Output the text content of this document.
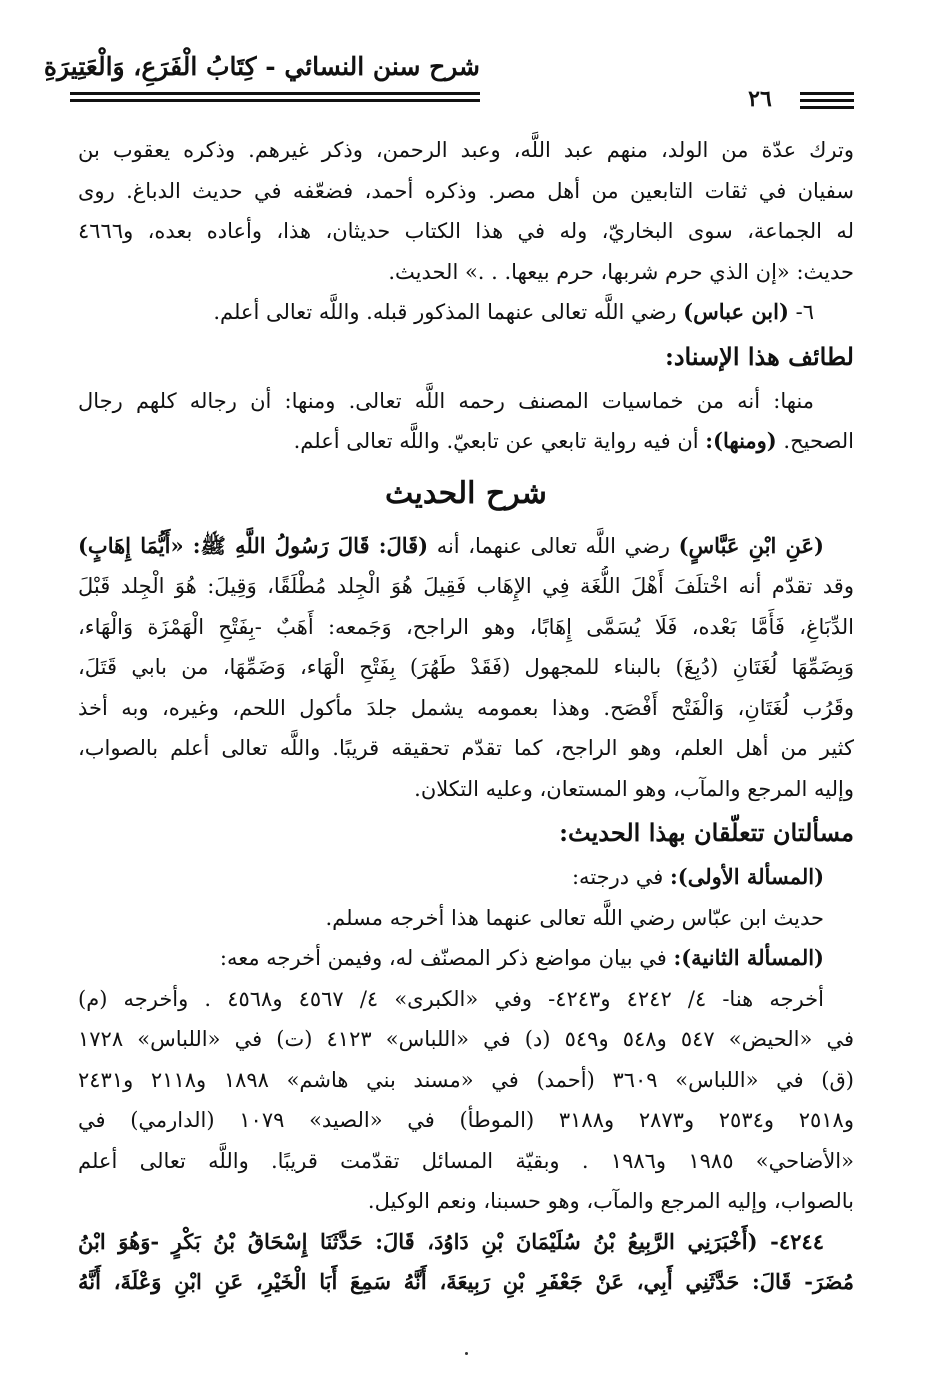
شرح سنن النسائي - كِتَابُ الْفَرَعِ، وَالْعَتِيرَةِ
٢٦
وترك عدّة من الولد، منهم عبد اللَّه، وعبد الرحمن، وذكر غيرهم. وذكره يعقوب بن
سفيان في ثقات التابعين من أهل مصر. وذكره أحمد، فضعّفه في حديث الدباغ. روى
له الجماعة، سوى البخاريّ، وله في هذا الكتاب حديثان، هذا، وأعاده بعده، و٤٦٦٦
حديث: «إن الذي حرم شربها، حرم بيعها. . .» الحديث.
٦- (ابن عباس) رضي اللَّه تعالى عنهما المذكور قبله. واللَّه تعالى أعلم.
لطائف هذا الإسناد:
منها: أنه من خماسيات المصنف رحمه اللَّه تعالى. ومنها: أن رجاله كلهم رجال
الصحيح. (ومنها): أن فيه رواية تابعي عن تابعيّ. واللَّه تعالى أعلم.
شرح الحديث
(عَنِ ابْنِ عَبَّاسٍ) رضي اللَّه تعالى عنهما، أنه (قَالَ: قَالَ رَسُولُ اللَّهِ ﷺ: «أَيُّمَا إِهَابٍ)
وقد تقدّم أنه اخْتلَفَ أَهْلَ اللُّغَة فِي الإِهَاب فَقِيلَ هُوَ الْجِلد مُطْلَقًا، وَقِيلَ: هُوَ الْجِلد قَبْلَ
الدِّبَاغِ، فَأَمَّا بَعْده، فَلَا يُسَمَّى إِهَابًا، وهو الراجح، وَجَمعه: أَهَبٌ -بِفَتْحِ الْهَمْزَة وَالْهَاء،
وَبِضَمِّهَا لُغَتَانِ (دُبِغَ) بالبناء للمجهول (فَقَدْ طَهُرَ) بِفَتْحِ الْهَاء، وَضَمِّهَا، من بابي قَتَلَ،
وقَرُب لُغَتَانِ، وَالْفَتْح أَفْصَح. وهذا بعمومه يشمل جلدَ مأكول اللحم، وغيره، وبه أخذ
كثير من أهل العلم، وهو الراجح، كما تقدّم تحقيقه قريبًا. واللَّه تعالى أعلم بالصواب،
وإليه المرجع والمآب، وهو المستعان، وعليه التكلان.
مسألتان تتعلّقان بهذا الحديث:
(المسألة الأولى): في درجته:
حديث ابن عبّاس رضي اللَّه تعالى عنهما هذا أخرجه مسلم.
(المسألة الثانية): في بيان مواضع ذكر المصنّف له، وفيمن أخرجه معه:
أخرجه هنا- ٤/ ٤٢٤٢ و٤٢٤٣- وفي «الكبرى» ٤/ ٤٥٦٧ و٤٥٦٨ . وأخرجه (م)
في «الحيض» ٥٤٧ و٥٤٨ و٥٤٩ (د) في «اللباس» ٤١٢٣ (ت) في «اللباس» ١٧٢٨
(ق) في «اللباس» ٣٦٠٩ (أحمد) في «مسند بني هاشم» ١٨٩٨ و٢١١٨ و٢٤٣١
و٢٥١٨ و٢٥٣٤ و٢٨٧٣ و٣١٨٨ (الموطأ) في «الصيد» ١٠٧٩ (الدارمي) في
«الأضاحي» ١٩٨٥ و١٩٨٦ . وبقيّة المسائل تقدّمت قريبًا. واللَّه تعالى أعلم
بالصواب، وإليه المرجع والمآب، وهو حسبنا، ونعم الوكيل.
٤٢٤٤- (أَخْبَرَنِي الرَّبِيعُ بْنُ سُلَيْمَانَ بْنِ دَاوُدَ، قَالَ: حَدَّثَنَا إِسْحَاقُ بْنُ بَكْرٍ -وَهُوَ ابْنُ
مُضَرَ- قَالَ: حَدَّثَنِي أَبِي، عَنْ جَعْفَرِ بْنِ رَبِيعَةَ، أَنَّهُ سَمِعَ أَبَا الْخَيْرِ، عَنِ ابْنِ وَعْلَةَ، أَنَّهُ
